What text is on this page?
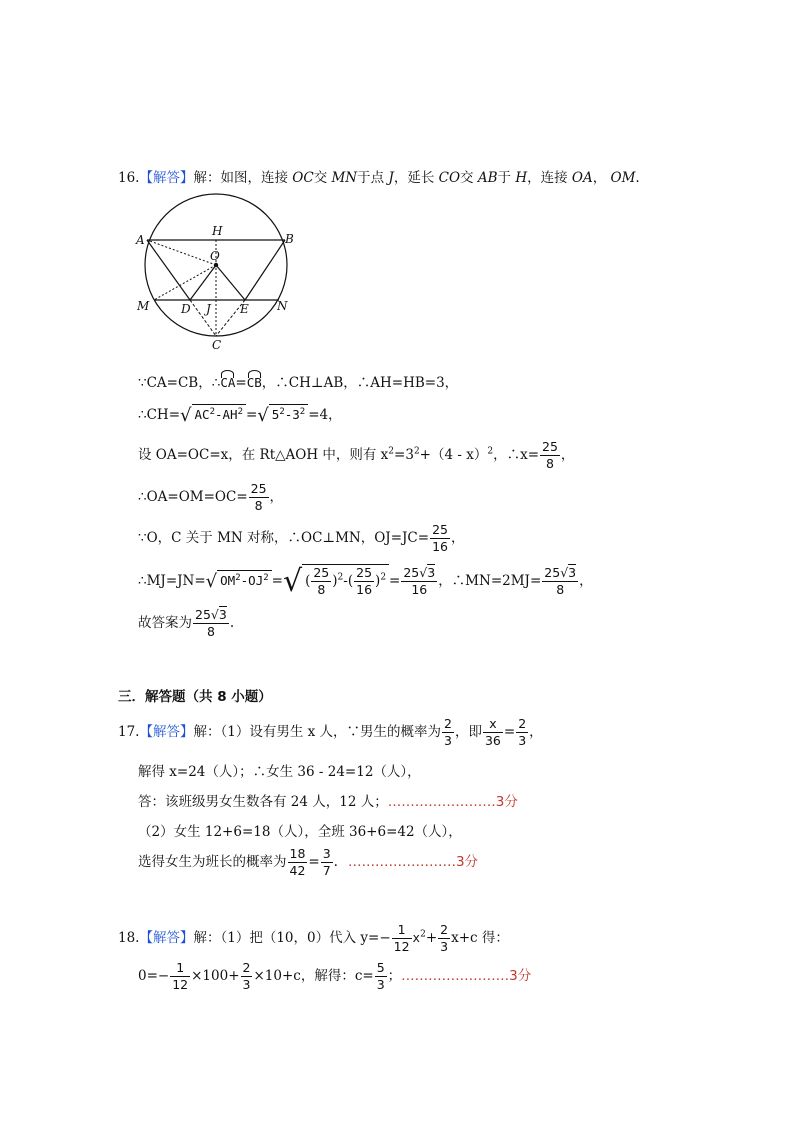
16.【解答】解：如图，连接 OC交 MN于点 J，延长 CO交 AB于 H，连接 OA， OM.
A
H
B
O
M	D J E N
C
∵CA=CB，∴CA=CB，∴CH⊥AB，∴AH=HB=3，
∴CH=√ $AC^2-AH^2$ =√ $5^2-3^2 =4$，
设 OA=OC=x，在 Rt△AOH 中，则有 $x^2=3^2+(4 - x)^2$，∴x= $\frac{25}{8}$ ，
∴OA=OM=OC= $\frac{25}{8}$ ，
∵O，C 关于 MN 对称，∴OC⊥MN，$OJ=JC= \frac{25}{16}$ ，
∴MJ=JN=√ $OM^2-OJ^2$ =√ ( $\frac{25}{8} )^2-( \frac{25}{16} )^2 = \frac{25√3}{16}$ ，∴MN=2MJ= $\frac{25√3}{8}$ ，
故答案为 $\frac{25√3}{8}$ .
三．解答题（共 8 小题）
17.【解答】解：（1）设有男生 x 人，∵男生的概率为 $\frac{2}{3}$ ，即 $\frac{x}{36} = \frac{2}{3}$ ，
解得 x=24（人）；∴女生 36 - 24=12（人），
答：该班级男女生数各有 24 人，12 人；……………………3分
（2）女生 12+6=18（人），全班 36+6=42（人），
选得女生为班长的概率为 $\frac{18}{42} = \frac{3}{7}$ . ……………………3分
18.【解答】解：（1）把（10，0）代入 $y=- \frac{1}{12} x^2+ \frac{2}{3} x+c$ 得：
$0=- \frac{1}{12} \times 100+ \frac{2}{3} \times 10+c$，解得：$c= \frac{5}{3}$ ；……………………3分
